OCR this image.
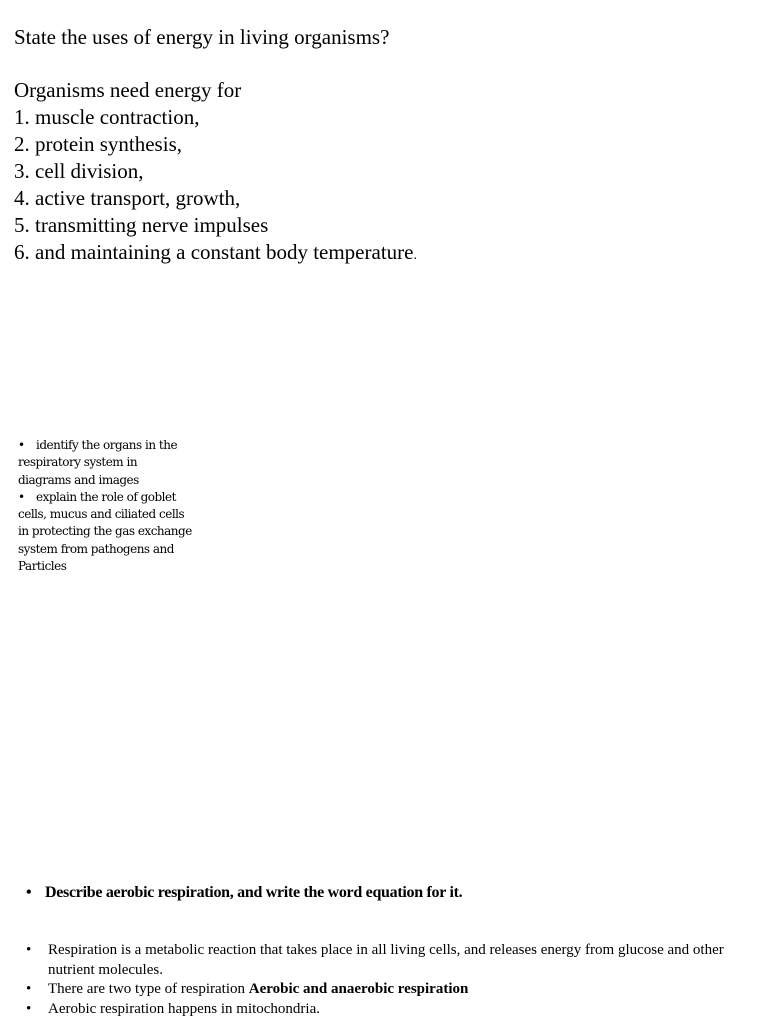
State the uses of energy in living organisms?

Organisms need energy for

1. muscle contraction,
2. protein synthesis,
3. cell division,
4. active transport, growth,
5. transmitting nerve impulses
6. and maintaining a constant body temperature.
• identify the organs in the
respiratory system in
diagrams and images
• explain the role of goblet
cells, mucus and ciliated cells
in protecting the gas exchange
system from pathogens and
Particles
• Describe aerobic respiration, and write the word equation for it.
• Respiration is a metabolic reaction that takes place in all living cells, and releases energy from glucose and other nutrient molecules.
• There are two type of respiration Aerobic and anaerobic respiration
• Aerobic respiration happens in mitochondria.
